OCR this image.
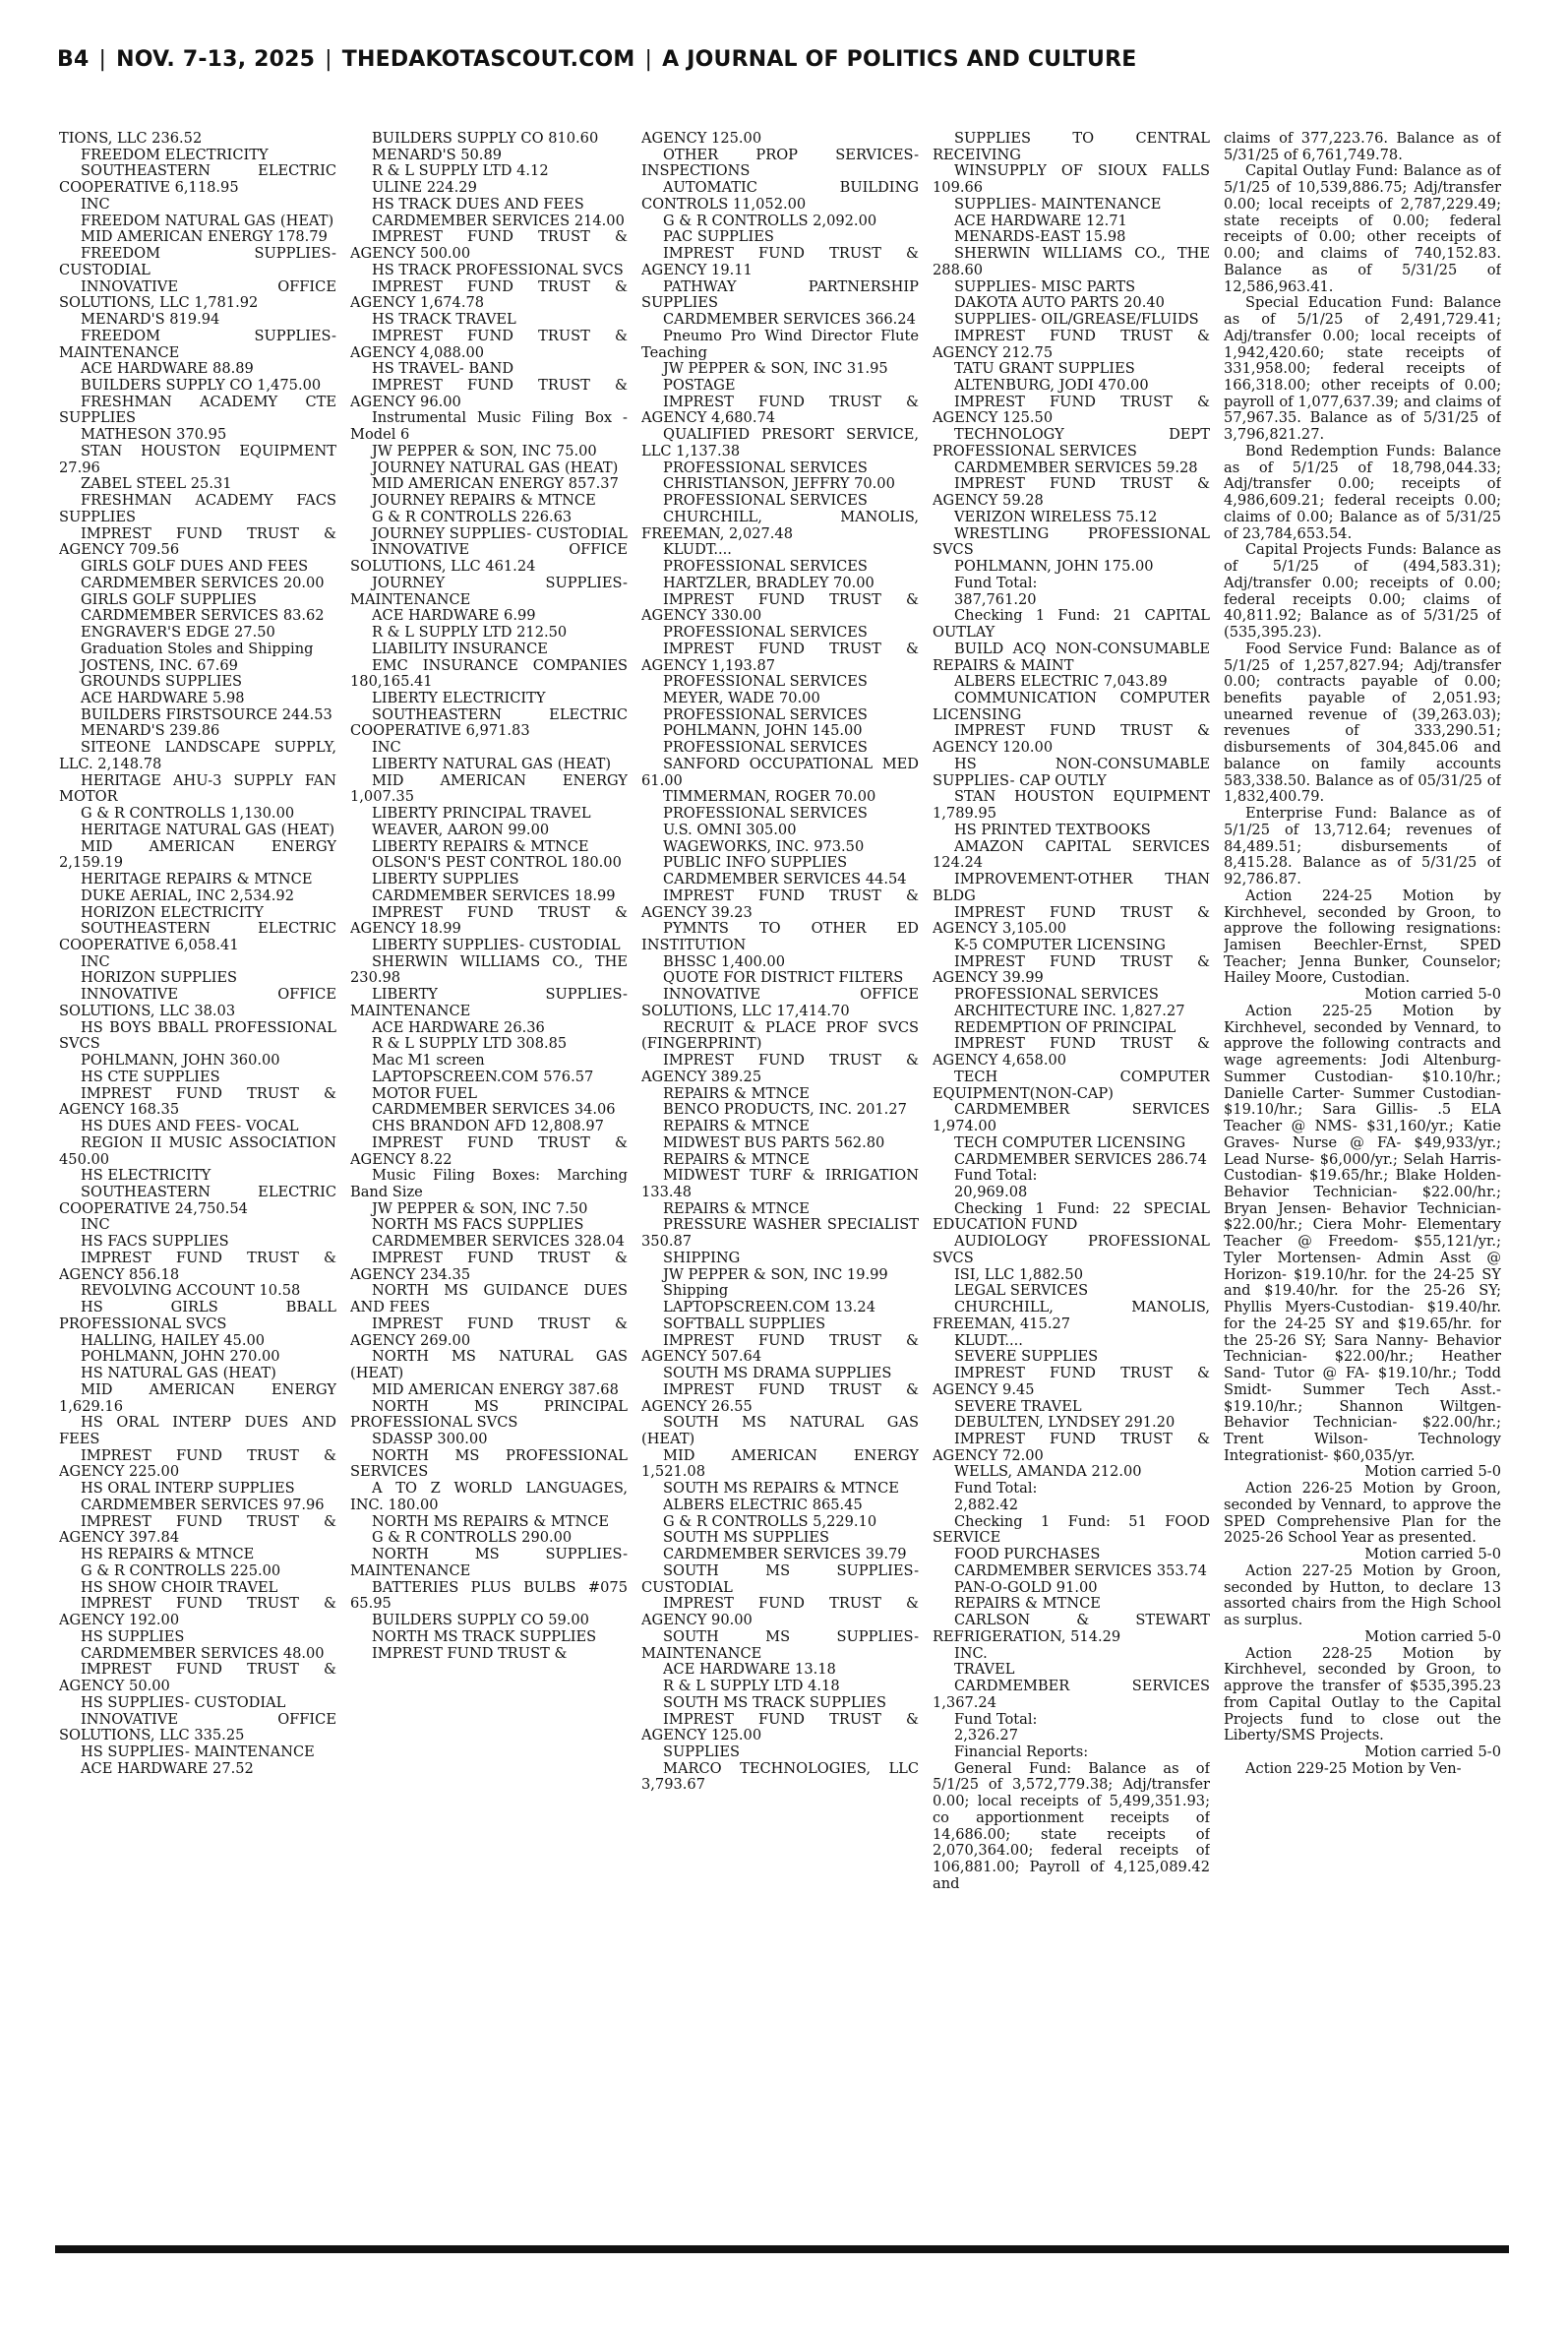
B4 | NOV. 7-13, 2025 | THEDAKOTASCOUT.COM | A JOURNAL OF POLITICS AND CULTURE

TIONS, LLC 236.52

FREEDOM ELECTRICITY

SOUTHEASTERN ELECTRIC COOPERATIVE 6,118.95

INC

FREEDOM NATURAL GAS (HEAT)

MID AMERICAN ENERGY 178.79

FREEDOM SUPPLIES- CUSTODIAL

INNOVATIVE OFFICE SOLUTIONS, LLC 1,781.92

MENARD'S 819.94

FREEDOM SUPPLIES-MAINTENANCE

ACE HARDWARE 88.89

BUILDERS SUPPLY CO 1,475.00

FRESHMAN ACADEMY CTE SUPPLIES

MATHESON 370.95

STAN HOUSTON EQUIPMENT 27.96

ZABEL STEEL 25.31

FRESHMAN ACADEMY FACS SUPPLIES

IMPREST FUND TRUST & AGENCY 709.56

GIRLS GOLF DUES AND FEES

CARDMEMBER SERVICES 20.00

GIRLS GOLF SUPPLIES

CARDMEMBER SERVICES 83.62

ENGRAVER'S EDGE 27.50

Graduation Stoles and Shipping

JOSTENS, INC. 67.69

GROUNDS SUPPLIES

ACE HARDWARE 5.98

BUILDERS FIRSTSOURCE 244.53

MENARD'S 239.86

SITEONE LANDSCAPE SUPPLY, LLC. 2,148.78

HERITAGE AHU-3 SUPPLY FAN MOTOR

G & R CONTROLLS 1,130.00

HERITAGE NATURAL GAS (HEAT)

MID AMERICAN ENERGY 2,159.19

HERITAGE REPAIRS & MTNCE

DUKE AERIAL, INC 2,534.92

HORIZON ELECTRICITY

SOUTHEASTERN ELECTRIC COOPERATIVE 6,058.41

INC

HORIZON SUPPLIES

INNOVATIVE OFFICE SOLUTIONS, LLC 38.03

HS BOYS BBALL PROFESSIONAL SVCS

POHLMANN, JOHN 360.00

HS CTE SUPPLIES

IMPREST FUND TRUST & AGENCY 168.35

HS DUES AND FEES- VOCAL

REGION II MUSIC ASSOCIATION 450.00

HS ELECTRICITY

SOUTHEASTERN ELECTRIC COOPERATIVE 24,750.54

INC

HS FACS SUPPLIES

IMPREST FUND TRUST & AGENCY 856.18

REVOLVING ACCOUNT 10.58

HS GIRLS BBALL PROFESSIONAL SVCS

HALLING, HAILEY 45.00

POHLMANN, JOHN 270.00

HS NATURAL GAS (HEAT)

MID AMERICAN ENERGY 1,629.16

HS ORAL INTERP DUES AND FEES

IMPREST FUND TRUST & AGENCY 225.00

HS ORAL INTERP SUPPLIES

CARDMEMBER SERVICES 97.96

IMPREST FUND TRUST & AGENCY 397.84

HS REPAIRS & MTNCE

G & R CONTROLLS 225.00

HS SHOW CHOIR TRAVEL

IMPREST FUND TRUST & AGENCY 192.00

HS SUPPLIES

CARDMEMBER SERVICES 48.00

IMPREST FUND TRUST & AGENCY 50.00

HS SUPPLIES- CUSTODIAL

INNOVATIVE OFFICE SOLUTIONS, LLC 335.25

HS SUPPLIES- MAINTENANCE

ACE HARDWARE 27.52

BUILDERS SUPPLY CO 810.60

MENARD'S 50.89

R & L SUPPLY LTD 4.12

ULINE 224.29

HS TRACK DUES AND FEES

CARDMEMBER SERVICES 214.00

IMPREST FUND TRUST & AGENCY 500.00

HS TRACK PROFESSIONAL SVCS

IMPREST FUND TRUST & AGENCY 1,674.78

HS TRACK TRAVEL

IMPREST FUND TRUST & AGENCY 4,088.00

HS TRAVEL- BAND

IMPREST FUND TRUST & AGENCY 96.00

Instrumental Music Filing Box - Model 6

JW PEPPER & SON, INC 75.00

JOURNEY NATURAL GAS (HEAT)

MID AMERICAN ENERGY 857.37

JOURNEY REPAIRS & MTNCE

G & R CONTROLLS 226.63

JOURNEY SUPPLIES- CUSTODIAL

INNOVATIVE OFFICE SOLUTIONS, LLC 461.24

JOURNEY SUPPLIES- MAINTENANCE

ACE HARDWARE 6.99

R & L SUPPLY LTD 212.50

LIABILITY INSURANCE

EMC INSURANCE COMPANIES 180,165.41

LIBERTY ELECTRICITY

SOUTHEASTERN ELECTRIC COOPERATIVE 6,971.83

INC

LIBERTY NATURAL GAS (HEAT)

MID AMERICAN ENERGY 1,007.35

LIBERTY PRINCIPAL TRAVEL

WEAVER, AARON 99.00

LIBERTY REPAIRS & MTNCE

OLSON'S PEST CONTROL 180.00

LIBERTY SUPPLIES

CARDMEMBER SERVICES 18.99

IMPREST FUND TRUST & AGENCY 18.99

LIBERTY SUPPLIES- CUSTODIAL

SHERWIN WILLIAMS CO., THE 230.98

LIBERTY SUPPLIES- MAINTENANCE

ACE HARDWARE 26.36

R & L SUPPLY LTD 308.85

Mac M1 screen

LAPTOPSCREEN.COM 576.57

MOTOR FUEL

CARDMEMBER SERVICES 34.06

CHS BRANDON AFD 12,808.97

IMPREST FUND TRUST & AGENCY 8.22

Music Filing Boxes: Marching Band Size

JW PEPPER & SON, INC 7.50

NORTH MS FACS SUPPLIES

CARDMEMBER SERVICES 328.04

IMPREST FUND TRUST & AGENCY 234.35

NORTH MS GUIDANCE DUES AND FEES

IMPREST FUND TRUST & AGENCY 269.00

NORTH MS NATURAL GAS (HEAT)

MID AMERICAN ENERGY 387.68

NORTH MS PRINCIPAL PROFESSIONAL SVCS

SDASSP 300.00

NORTH MS PROFESSIONAL SERVICES

A TO Z WORLD LANGUAGES, INC. 180.00

NORTH MS REPAIRS & MTNCE

G & R CONTROLLS 290.00

NORTH MS SUPPLIES-MAINTENANCE

BATTERIES PLUS BULBS #075 65.95

BUILDERS SUPPLY CO 59.00

NORTH MS TRACK SUPPLIES

IMPREST FUND TRUST &

AGENCY 125.00

OTHER PROP SERVICES-INSPECTIONS

AUTOMATIC BUILDING CONTROLS 11,052.00

G & R CONTROLLS 2,092.00

PAC SUPPLIES

IMPREST FUND TRUST & AGENCY 19.11

PATHWAY PARTNERSHIP SUPPLIES

CARDMEMBER SERVICES 366.24

Pneumo Pro Wind Director Flute Teaching

JW PEPPER & SON, INC 31.95

POSTAGE

IMPREST FUND TRUST & AGENCY 4,680.74

QUALIFIED PRESORT SERVICE, LLC 1,137.38

PROFESSIONAL SERVICES

CHRISTIANSON, JEFFRY 70.00

PROFESSIONAL SERVICES

CHURCHILL, MANOLIS, FREEMAN, 2,027.48

KLUDT....

PROFESSIONAL SERVICES

HARTZLER, BRADLEY 70.00

IMPREST FUND TRUST & AGENCY 330.00

PROFESSIONAL SERVICES

IMPREST FUND TRUST & AGENCY 1,193.87

PROFESSIONAL SERVICES

MEYER, WADE 70.00

PROFESSIONAL SERVICES

POHLMANN, JOHN 145.00

PROFESSIONAL SERVICES

SANFORD OCCUPATIONAL MED 61.00

TIMMERMAN, ROGER 70.00

PROFESSIONAL SERVICES

U.S. OMNI 305.00

WAGEWORKS, INC. 973.50

PUBLIC INFO SUPPLIES

CARDMEMBER SERVICES 44.54

IMPREST FUND TRUST & AGENCY 39.23

PYMNTS TO OTHER ED INSTITUTION

BHSSC 1,400.00

QUOTE FOR DISTRICT FILTERS

INNOVATIVE OFFICE SOLUTIONS, LLC 17,414.70

RECRUIT & PLACE PROF SVCS (FINGERPRINT)

IMPREST FUND TRUST & AGENCY 389.25

REPAIRS & MTNCE

BENCO PRODUCTS, INC. 201.27

REPAIRS & MTNCE

MIDWEST BUS PARTS 562.80

REPAIRS & MTNCE

MIDWEST TURF & IRRIGATION 133.48

REPAIRS & MTNCE

PRESSURE WASHER SPECIALIST 350.87

SHIPPING

JW PEPPER & SON, INC 19.99

Shipping

LAPTOPSCREEN.COM 13.24

SOFTBALL SUPPLIES

IMPREST FUND TRUST & AGENCY 507.64

SOUTH MS DRAMA SUPPLIES

IMPREST FUND TRUST & AGENCY 26.55

SOUTH MS NATURAL GAS (HEAT)

MID AMERICAN ENERGY 1,521.08

SOUTH MS REPAIRS & MTNCE

ALBERS ELECTRIC 865.45

G & R CONTROLLS 5,229.10

SOUTH MS SUPPLIES

CARDMEMBER SERVICES 39.79

SOUTH MS SUPPLIES-CUSTODIAL

IMPREST FUND TRUST & AGENCY 90.00

SOUTH MS SUPPLIES-MAINTENANCE

ACE HARDWARE 13.18

R & L SUPPLY LTD 4.18

SOUTH MS TRACK SUPPLIES

IMPREST FUND TRUST & AGENCY 125.00

SUPPLIES

MARCO TECHNOLOGIES, LLC 3,793.67

SUPPLIES TO CENTRAL RECEIVING

WINSUPPLY OF SIOUX FALLS 109.66

SUPPLIES- MAINTENANCE

ACE HARDWARE 12.71

MENARDS-EAST 15.98

SHERWIN WILLIAMS CO., THE 288.60

SUPPLIES- MISC PARTS

DAKOTA AUTO PARTS 20.40

SUPPLIES- OIL/GREASE/FLUIDS

IMPREST FUND TRUST & AGENCY 212.75

TATU GRANT SUPPLIES

ALTENBURG, JODI 470.00

IMPREST FUND TRUST & AGENCY 125.50

TECHNOLOGY DEPT PROFESSIONAL SERVICES

CARDMEMBER SERVICES 59.28

IMPREST FUND TRUST & AGENCY 59.28

VERIZON WIRELESS 75.12

WRESTLING PROFESSIONAL SVCS

POHLMANN, JOHN 175.00

Fund Total:

387,761.20

Checking 1 Fund: 21 CAPITAL OUTLAY

BUILD ACQ NON-CONSUMABLE REPAIRS & MAINT

ALBERS ELECTRIC 7,043.89

COMMUNICATION COMPUTER LICENSING

IMPREST FUND TRUST & AGENCY 120.00

HS NON-CONSUMABLE SUPPLIES- CAP OUTLY

STAN HOUSTON EQUIPMENT 1,789.95

HS PRINTED TEXTBOOKS

AMAZON CAPITAL SERVICES 124.24

IMPROVEMENT-OTHER THAN BLDG

IMPREST FUND TRUST & AGENCY 3,105.00

K-5 COMPUTER LICENSING

IMPREST FUND TRUST & AGENCY 39.99

PROFESSIONAL SERVICES

ARCHITECTURE INC. 1,827.27

REDEMPTION OF PRINCIPAL

IMPREST FUND TRUST & AGENCY 4,658.00

TECH COMPUTER EQUIPMENT(NON-CAP)

CARDMEMBER SERVICES 1,974.00

TECH COMPUTER LICENSING

CARDMEMBER SERVICES 286.74

Fund Total:

20,969.08

Checking 1 Fund: 22 SPECIAL EDUCATION FUND

AUDIOLOGY PROFESSIONAL SVCS

ISI, LLC 1,882.50

LEGAL SERVICES

CHURCHILL, MANOLIS, FREEMAN, 415.27

KLUDT....

SEVERE SUPPLIES

IMPREST FUND TRUST & AGENCY 9.45

SEVERE TRAVEL

DEBULTEN, LYNDSEY 291.20

IMPREST FUND TRUST & AGENCY 72.00

WELLS, AMANDA 212.00

Fund Total:

2,882.42

Checking 1 Fund: 51 FOOD SERVICE

FOOD PURCHASES

CARDMEMBER SERVICES 353.74

PAN-O-GOLD 91.00

REPAIRS & MTNCE

CARLSON & STEWART REFRIGERATION, 514.29

INC.

TRAVEL

CARDMEMBER SERVICES 1,367.24

Fund Total:

2,326.27

Financial Reports:

General Fund: Balance as of 5/1/25 of 3,572,779.38; Adj/transfer 0.00; local receipts of 5,499,351.93; co apportionment receipts of 14,686.00; state receipts of 2,070,364.00; federal receipts of 106,881.00; Payroll of 4,125,089.42 and

claims of 377,223.76. Balance as of 5/31/25 of 6,761,749.78.

Capital Outlay Fund: Balance as of 5/1/25 of 10,539,886.75; Adj/transfer 0.00; local receipts of 2,787,229.49; state receipts of 0.00; federal receipts of 0.00; other receipts of 0.00; and claims of 740,152.83. Balance as of 5/31/25 of 12,586,963.41.

Special Education Fund: Balance as of 5/1/25 of 2,491,729.41; Adj/transfer 0.00; local receipts of 1,942,420.60; state receipts of 331,958.00; federal receipts of 166,318.00; other receipts of 0.00; payroll of 1,077,637.39; and claims of 57,967.35. Balance as of 5/31/25 of 3,796,821.27.

Bond Redemption Funds: Balance as of 5/1/25 of 18,798,044.33; Adj/transfer 0.00; receipts of 4,986,609.21; federal receipts 0.00; claims of 0.00; Balance as of 5/31/25 of 23,784,653.54.

Capital Projects Funds: Balance as of 5/1/25 of (494,583.31); Adj/transfer 0.00; receipts of 0.00; federal receipts 0.00; claims of 40,811.92; Balance as of 5/31/25 of (535,395.23).

Food Service Fund: Balance as of 5/1/25 of 1,257,827.94; Adj/transfer 0.00; contracts payable of 0.00; benefits payable of 2,051.93; unearned revenue of (39,263.03); revenues of 333,290.51; disbursements of 304,845.06 and balance on family accounts 583,338.50. Balance as of 05/31/25 of 1,832,400.79.

Enterprise Fund: Balance as of 5/1/25 of 13,712.64; revenues of 84,489.51; disbursements of 8,415.28. Balance as of 5/31/25 of 92,786.87.

Action 224-25 Motion by Kirchhevel, seconded by Groon, to approve the following resignations: Jamisen Beechler-Ernst, SPED Teacher; Jenna Bunker, Counselor; Hailey Moore, Custodian.

Motion carried 5-0

Action 225-25 Motion by Kirchhevel, seconded by Vennard, to approve the following contracts and wage agreements: Jodi Altenburg-Summer Custodian- $10.10/hr.; Danielle Carter- Summer Custodian- $19.10/hr.; Sara Gillis- .5 ELA Teacher @ NMS- $31,160/yr.; Katie Graves- Nurse @ FA- $49,933/yr.; Lead Nurse- $6,000/yr.; Selah Harris- Custodian- $19.65/hr.; Blake Holden- Behavior Technician- $22.00/hr.; Bryan Jensen- Behavior Technician- $22.00/hr.; Ciera Mohr- Elementary Teacher @ Freedom- $55,121/yr.; Tyler Mortensen- Admin Asst @ Horizon- $19.10/hr. for the 24-25 SY and $19.40/hr. for the 25-26 SY; Phyllis Myers-Custodian- $19.40/hr. for the 24-25 SY and $19.65/hr. for the 25-26 SY; Sara Nanny- Behavior Technician- $22.00/hr.; Heather Sand- Tutor @ FA- $19.10/hr.; Todd Smidt- Summer Tech Asst.- $19.10/hr.; Shannon Wiltgen- Behavior Technician- $22.00/hr.; Trent Wilson- Technology Integrationist- $60,035/yr.

Motion carried 5-0

Action 226-25 Motion by Groon, seconded by Vennard, to approve the SPED Comprehensive Plan for the 2025-26 School Year as presented.

Motion carried 5-0

Action 227-25 Motion by Groon, seconded by Hutton, to declare 13 assorted chairs from the High School as surplus.

Motion carried 5-0

Action 228-25 Motion by Kirchhevel, seconded by Groon, to approve the transfer of $535,395.23 from Capital Outlay to the Capital Projects fund to close out the Liberty/SMS Projects.

Motion carried 5-0

Action 229-25 Motion by Ven-
